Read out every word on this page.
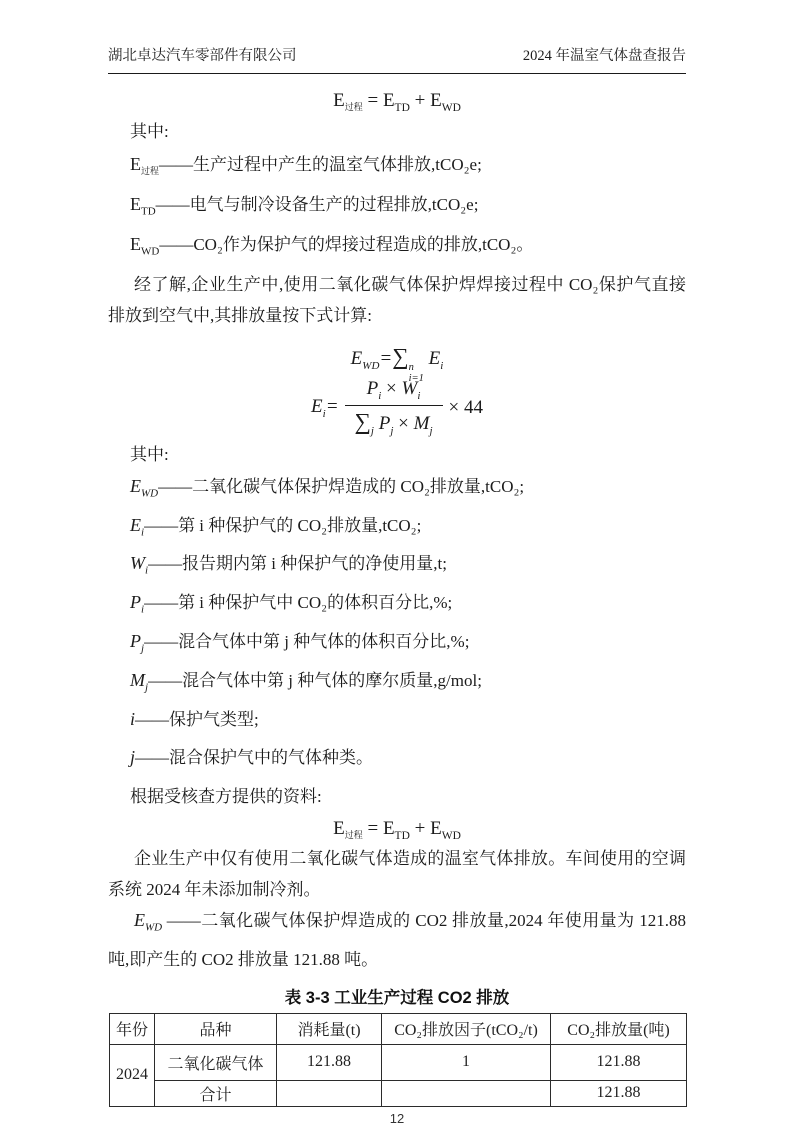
湖北卓达汽车零部件有限公司	2024 年温室气体盘查报告
$E_{过程} = E_{TD} + E_{WD}$
其中:
$E_{过程}——$生产过程中产生的温室气体排放,tCO₂e;
$E_{TD}——$电气与制冷设备生产的过程排放,tCO₂e;
$E_{WD}——CO_2$作为保护气的焊接过程造成的排放,tCO₂。
经了解,企业生产中,使用二氧化碳气体保护焊焊接过程中 CO₂保护气直接排放到空气中,其排放量按下式计算:
$E_{WD}=\sum$ n
i=1
$E_i$
$E_i= \frac{P_i \times W_i}{\sum_j P_j \times M_j} \times 44$
其中:
$E_{WD}——$二氧化碳气体保护焊造成的 CO₂排放量,tCO₂;
$E_i——$第 i 种保护气的 CO₂排放量,tCO₂;
$W_i——$报告期内第 i 种保护气的净使用量,t;
$P_i——$第 i 种保护气中 CO₂的体积百分比,%;
$P_j——$混合气体中第 j 种气体的体积百分比,%;
$M_j——$混合气体中第 j 种气体的摩尔质量,g/mol;
i——保护气类型;
j——混合保护气中的气体种类。
根据受核查方提供的资料:
$E_{过程} = E_{TD} + E_{WD}$
企业生产中仅有使用二氧化碳气体造成的温室气体排放。车间使用的空调系统 2024 年未添加制冷剂。
$E_{WD}$ ——二氧化碳气体保护焊造成的 CO2 排放量,2024 年使用量为 121.88 吨,即产生的 CO2 排放量 121.88 吨。
表 3-3 工业生产过程 CO2 排放
年份	品种	消耗量(t)	CO₂排放因子(tCO₂/t)	CO₂排放量(吨)
2024	二氧化碳气体	121.88	1	121.88
	合计			121.88
12
